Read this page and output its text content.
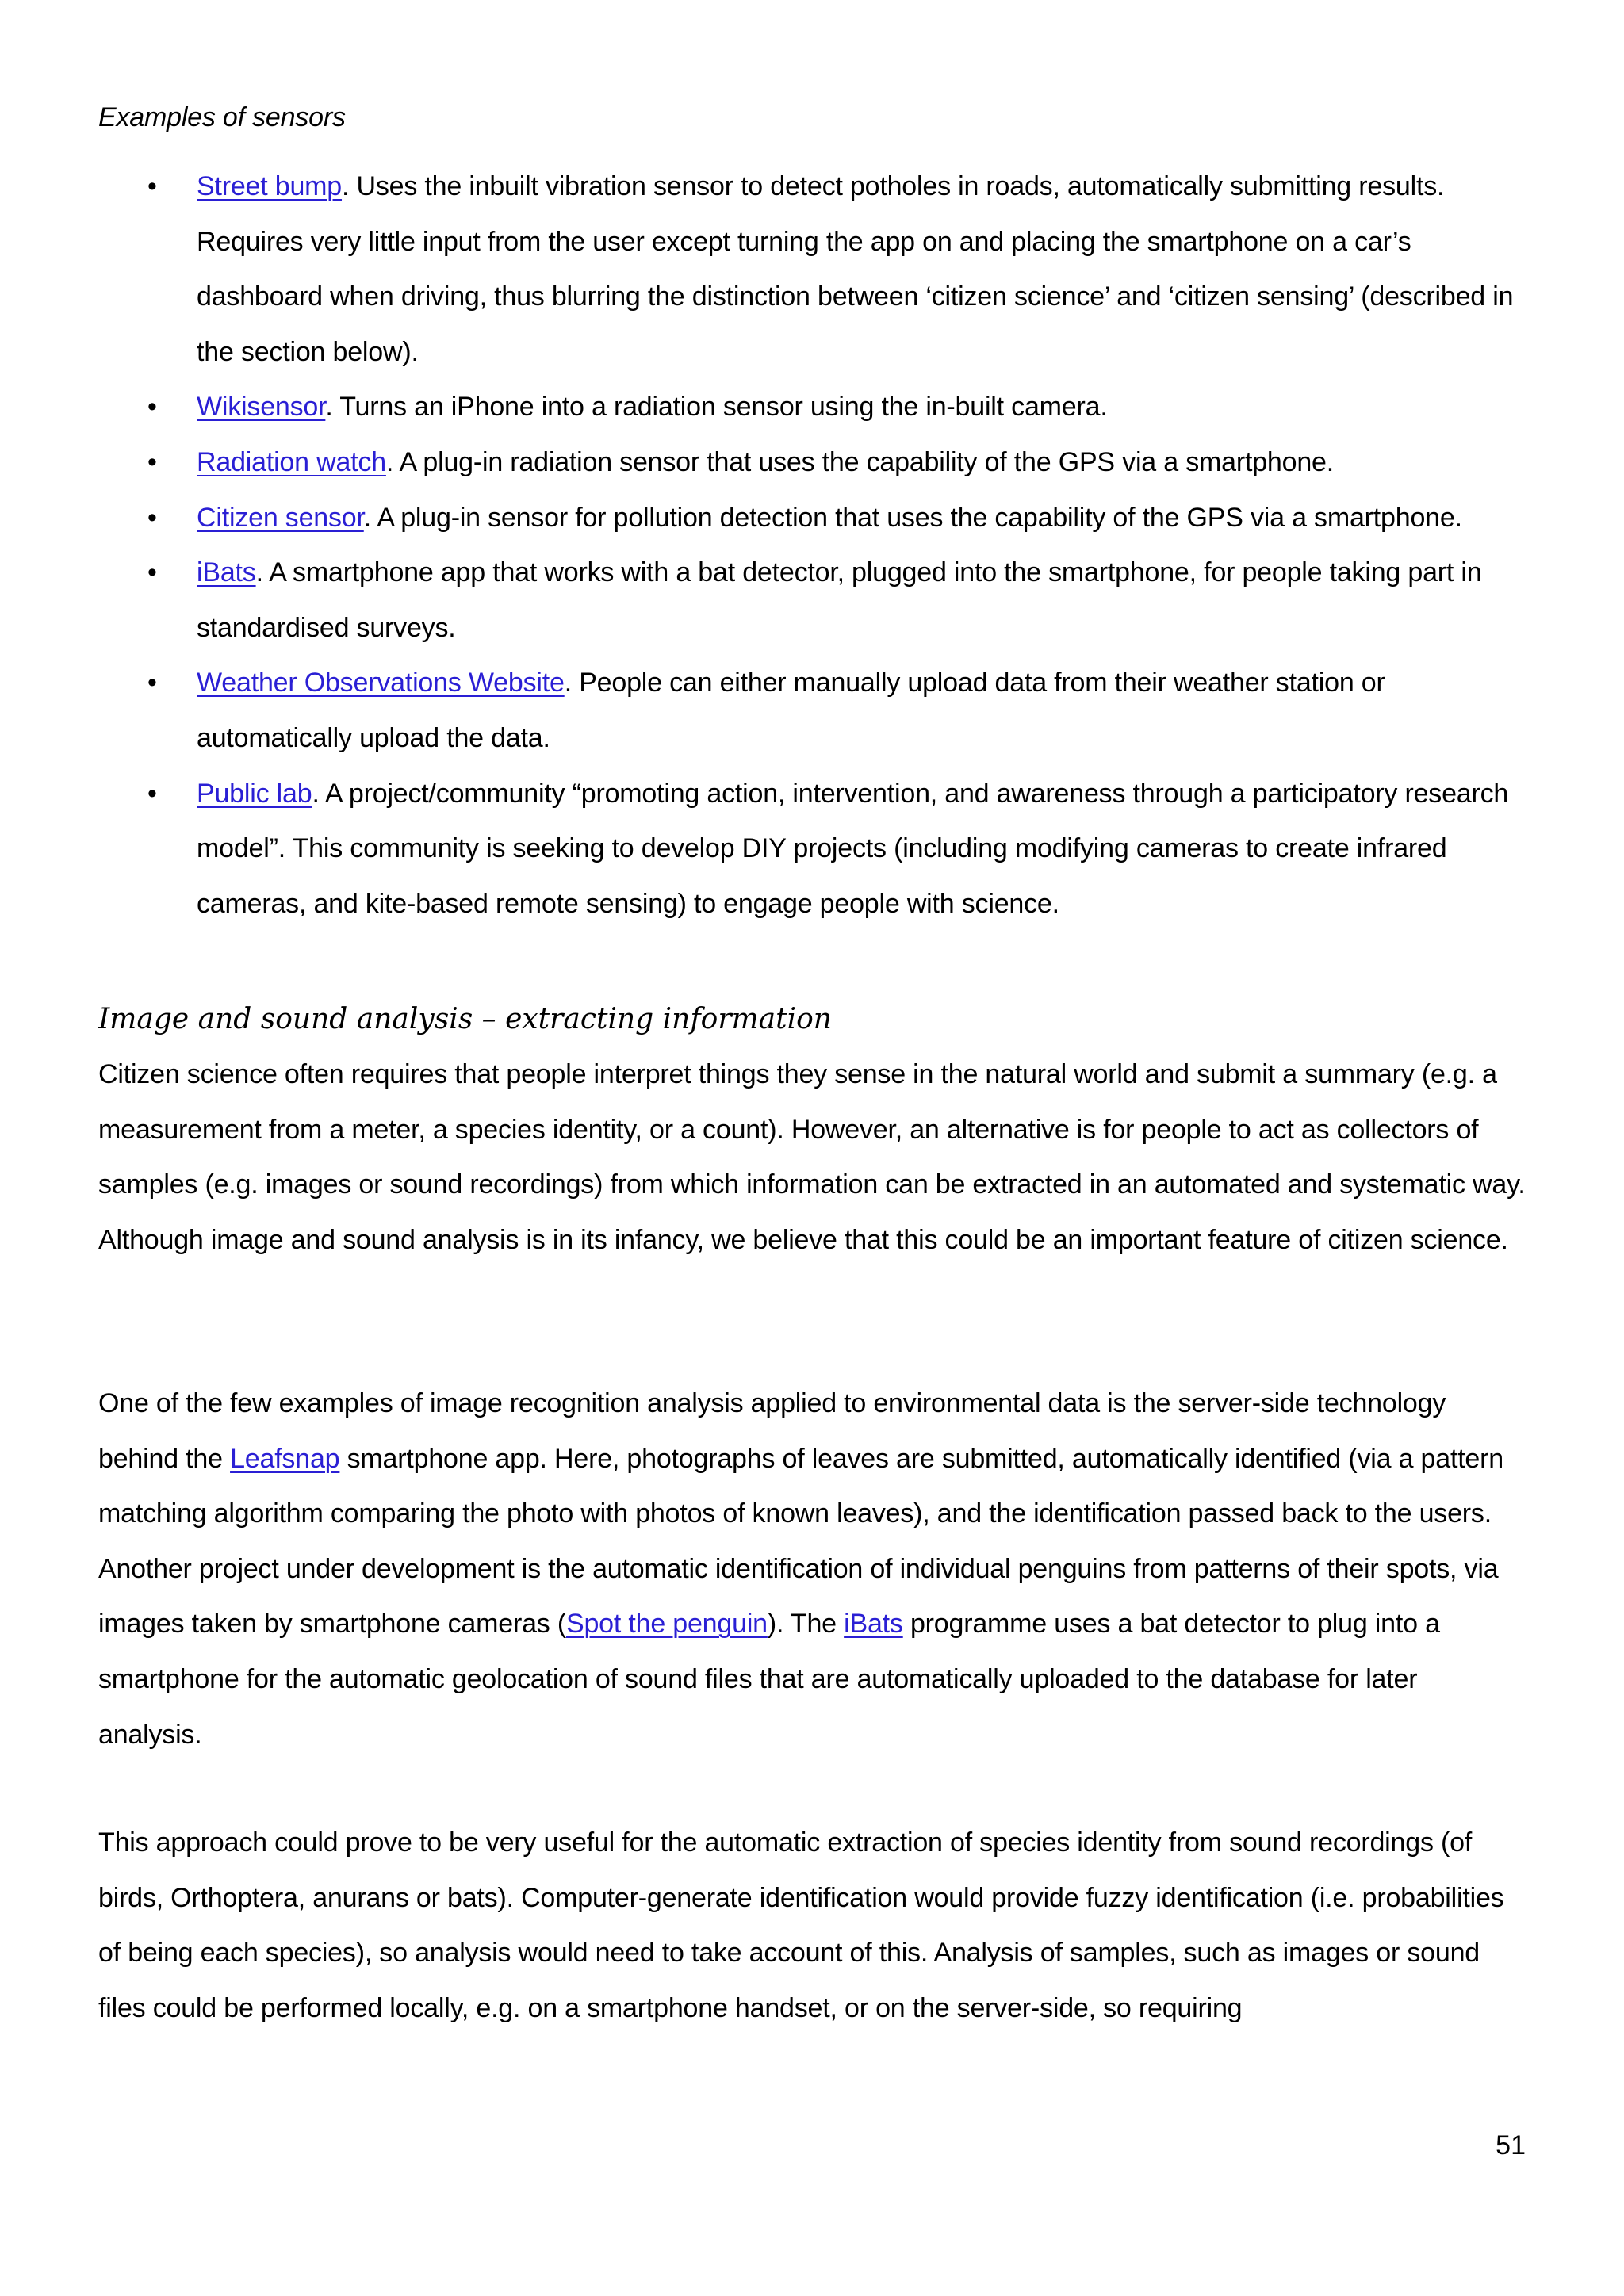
Examples of sensors

• Street bump. Uses the inbuilt vibration sensor to detect potholes in roads, automatically submitting results. Requires very little input from the user except turning the app on and placing the smartphone on a car’s dashboard when driving, thus blurring the distinction between ‘citizen science’ and ‘citizen sensing’ (described in the section below).
• Wikisensor. Turns an iPhone into a radiation sensor using the in-built camera.
• Radiation watch. A plug-in radiation sensor that uses the capability of the GPS via a smartphone.
• Citizen sensor. A plug-in sensor for pollution detection that uses the capability of the GPS via a smartphone.
• iBats. A smartphone app that works with a bat detector, plugged into the smartphone, for people taking part in standardised surveys.
• Weather Observations Website. People can either manually upload data from their weather station or automatically upload the data.
• Public lab. A project/community “promoting action, intervention, and awareness through a participatory research model”. This community is seeking to develop DIY projects (including modifying cameras to create infrared cameras, and kite-based remote sensing) to engage people with science.
Image and sound analysis – extracting information

Citizen science often requires that people interpret things they sense in the natural world and submit a summary (e.g. a measurement from a meter, a species identity, or a count). However, an alternative is for people to act as collectors of samples (e.g. images or sound recordings) from which information can be extracted in an automated and systematic way. Although image and sound analysis is in its infancy, we believe that this could be an important feature of citizen science.

One of the few examples of image recognition analysis applied to environmental data is the server-side technology behind the Leafsnap smartphone app. Here, photographs of leaves are submitted, automatically identified (via a pattern matching algorithm comparing the photo with photos of known leaves), and the identification passed back to the users. Another project under development is the automatic identification of individual penguins from patterns of their spots, via images taken by smartphone cameras (Spot the penguin). The iBats programme uses a bat detector to plug into a smartphone for the automatic geolocation of sound files that are automatically uploaded to the database for later analysis.

This approach could prove to be very useful for the automatic extraction of species identity from sound recordings (of birds, Orthoptera, anurans or bats). Computer-generate identification would provide fuzzy identification (i.e. probabilities of being each species), so analysis would need to take account of this. Analysis of samples, such as images or sound files could be performed locally, e.g. on a smartphone handset, or on the server-side, so requiring

51
